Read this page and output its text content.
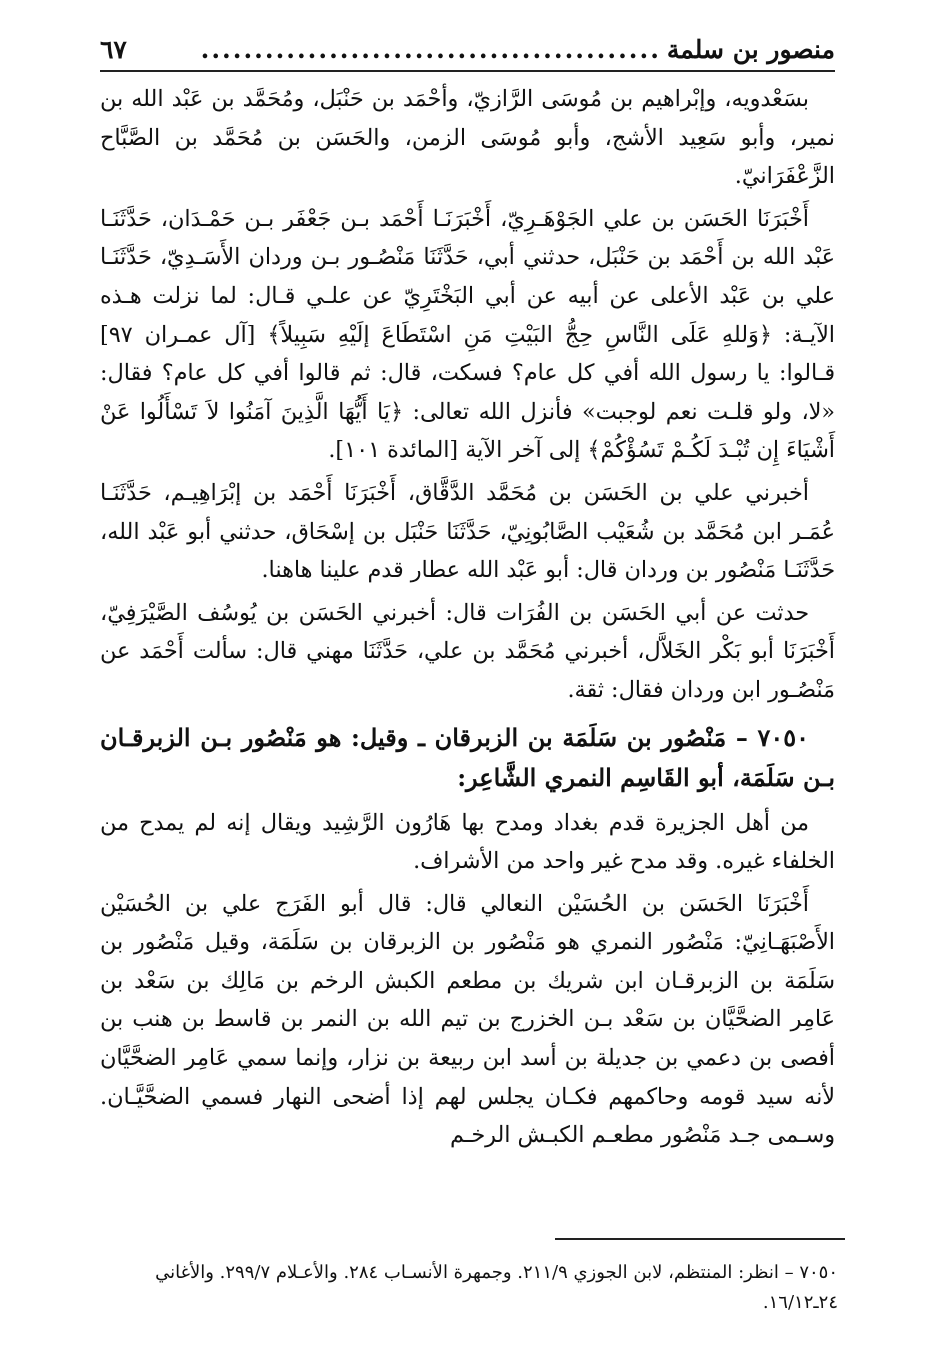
منصور بن سلمة
...........................................
٦٧

بسَعْدويه، وإبْراهيم بن مُوسَى الرَّازيّ، وأحْمَد بن حَنْبَل، ومُحَمَّد بن عَبْد الله بن نمير، وأبو سَعِيد الأشج، وأبو مُوسَى الزمن، والحَسَن بن مُحَمَّد بن الصَّبَّاح الزَّعْفَرَانيّ.

أَخْبَرَنَا الحَسَن بن علي الجَوْهَـرِيّ، أَخْبَرَنَـا أَحْمَد بـن جَعْفَر بـن حَمْـدَان، حَدَّثَنَـا عَبْد الله بن أَحْمَد بن حَنْبَل، حدثني أبي، حَدَّثَنَا مَنْصُـور بـن وردان الأَسَـدِيّ، حَدَّثَنَـا علي بن عَبْد الأعلى عن أبيه عن أبي البَخْتَرِيّ عن علـي قـال: لما نزلت هـذه الآيـة: ﴿وَللهِ عَلَى النَّاسِ حِجُّ البَيْتِ مَنِ اسْتَطَاعَ إلَيْهِ سَبِيلاً﴾ [آل عمـران ٩٧] قـالوا: يا رسول الله أفي كل عام؟ فسكت، قال: ثم قالوا أفي كل عام؟ فقال: «لا، ولو قلـت نعم لوجبت» فأنزل الله تعالى: ﴿يَا أَيُّهَا الَّذِينَ آمَنُوا لاَ تَسْأَلُوا عَنْ أَشْيَاءَ إِن تُبْـدَ لَكُـمْ تَسُؤْكُمْ﴾ إلى آخر الآية [المائدة ١٠١].

أخبرني علي بن الحَسَن بن مُحَمَّد الدَّقَّاق، أَخْبَرَنَا أَحْمَد بن إبْرَاهِيـم، حَدَّثَنَـا عُمَـر ابن مُحَمَّد بن شُعَيْب الصَّابُونِيّ، حَدَّثَنَا حَنْبَل بن إسْحَاق، حدثني أبو عَبْد الله، حَدَّثَنَـا مَنْصُور بن وردان قال: أبو عَبْد الله عطار قدم علينا هاهنا.

حدثت عن أبي الحَسَن بن الفُرَات قال: أخبرني الحَسَن بن يُوسُف الصَّيْرَفِيّ، أَخْبَرَنَا أبو بَكْر الخَلاَّل، أخبرني مُحَمَّد بن علي، حَدَّثَنَا مهني قال: سألت أَحْمَد عن مَنْصُـور ابن وردان فقال: ثقة.

٧٠٥٠ – مَنْصُور بن سَلَمَة بن الزبرقان ـ وقيل: هو مَنْصُور بـن الزبرقـان بـن سَلَمَة، أبو القَاسِم النمري الشَّاعِر:

من أهل الجزيرة قدم بغداد ومدح بها هَارُون الرَّشِيد ويقال إنه لم يمدح من الخلفاء غيره. وقد مدح غير واحد من الأشراف.

أَخْبَرَنَا الحَسَن بن الحُسَيْن النعالي قال: قال أبو الفَرَج علي بن الحُسَيْن الأَصْبَهَـانِيّ: مَنْصُور النمري هو مَنْصُور بن الزبرقان بن سَلَمَة، وقيل مَنْصُور بن سَلَمَة بن الزبرقـان ابن شريك بن مطعم الكبش الرخم بن مَالِك بن سَعْد بن عَامِر الضحَّيَّان بن سَعْد بـن الخزرج بن تيم الله بن النمر بن قاسط بن هنب بن أفصى بن دعمي بن جديلة بن أسد ابن ربيعة بن نزار، وإنما سمي عَامِر الضحَّيَّان لأنه سيد قومه وحاكمهم فكـان يجلس لهم إذا أضحى النهار فسمي الضحَّيَّـان. وسـمى جـد مَنْصُور مطعـم الكبـش الرخـم

٧٠٥٠ – انظر: المنتظم، لابن الجوزي ٢١١/٩. وجمهرة الأنسـاب ٢٨٤. والأعـلام ٢٩٩/٧. والأغاني ٢٤ـ١٦/١٢.
